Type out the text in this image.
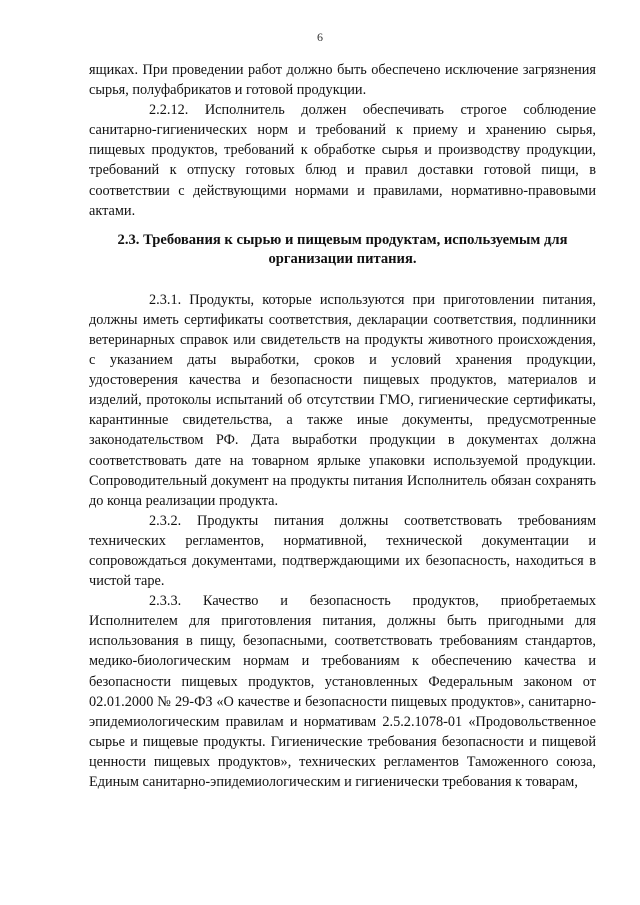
6

ящиках. При проведении работ должно быть обеспечено исключение загрязнения сырья, полуфабрикатов и готовой продукции.

2.2.12. Исполнитель должен обеспечивать строгое соблюдение санитарно-гигиенических норм и требований к приему и хранению сырья, пищевых продуктов, требований к обработке сырья и производству продукции, требований к отпуску готовых блюд и правил доставки готовой пищи, в соответствии с действующими нормами и правилами, нормативно-правовыми актами.

2.3. Требования к сырью и пищевым продуктам, используемым для организации питания.

2.3.1. Продукты, которые используются при приготовлении питания, должны иметь сертификаты соответствия, декларации соответствия, подлинники ветеринарных справок или свидетельств на продукты животного происхождения, с указанием даты выработки, сроков и условий хранения продукции, удостоверения качества и безопасности пищевых продуктов, материалов и изделий, протоколы испытаний об отсутствии ГМО, гигиенические сертификаты, карантинные свидетельства, а также иные документы, предусмотренные законодательством РФ. Дата выработки продукции в документах должна соответствовать дате на товарном ярлыке упаковки используемой продукции. Сопроводительный документ на продукты питания Исполнитель обязан сохранять до конца реализации продукта.

2.3.2. Продукты питания должны соответствовать требованиям технических регламентов, нормативной, технической документации и сопровождаться документами, подтверждающими их безопасность, находиться в чистой таре.

2.3.3. Качество и безопасность продуктов, приобретаемых Исполнителем для приготовления питания, должны быть пригодными для использования в пищу, безопасными, соответствовать требованиям стандартов, медико-биологическим нормам и требованиям к обеспечению качества и безопасности пищевых продуктов, установленных Федеральным законом от 02.01.2000 № 29-ФЗ «О качестве и безопасности пищевых продуктов», санитарно-эпидемиологическим правилам и нормативам 2.5.2.1078-01 «Продовольственное сырье и пищевые продукты. Гигиенические требования безопасности и пищевой ценности пищевых продуктов», технических регламентов Таможенного союза, Единым санитарно-эпидемиологическим и гигиенически требования к товарам,
